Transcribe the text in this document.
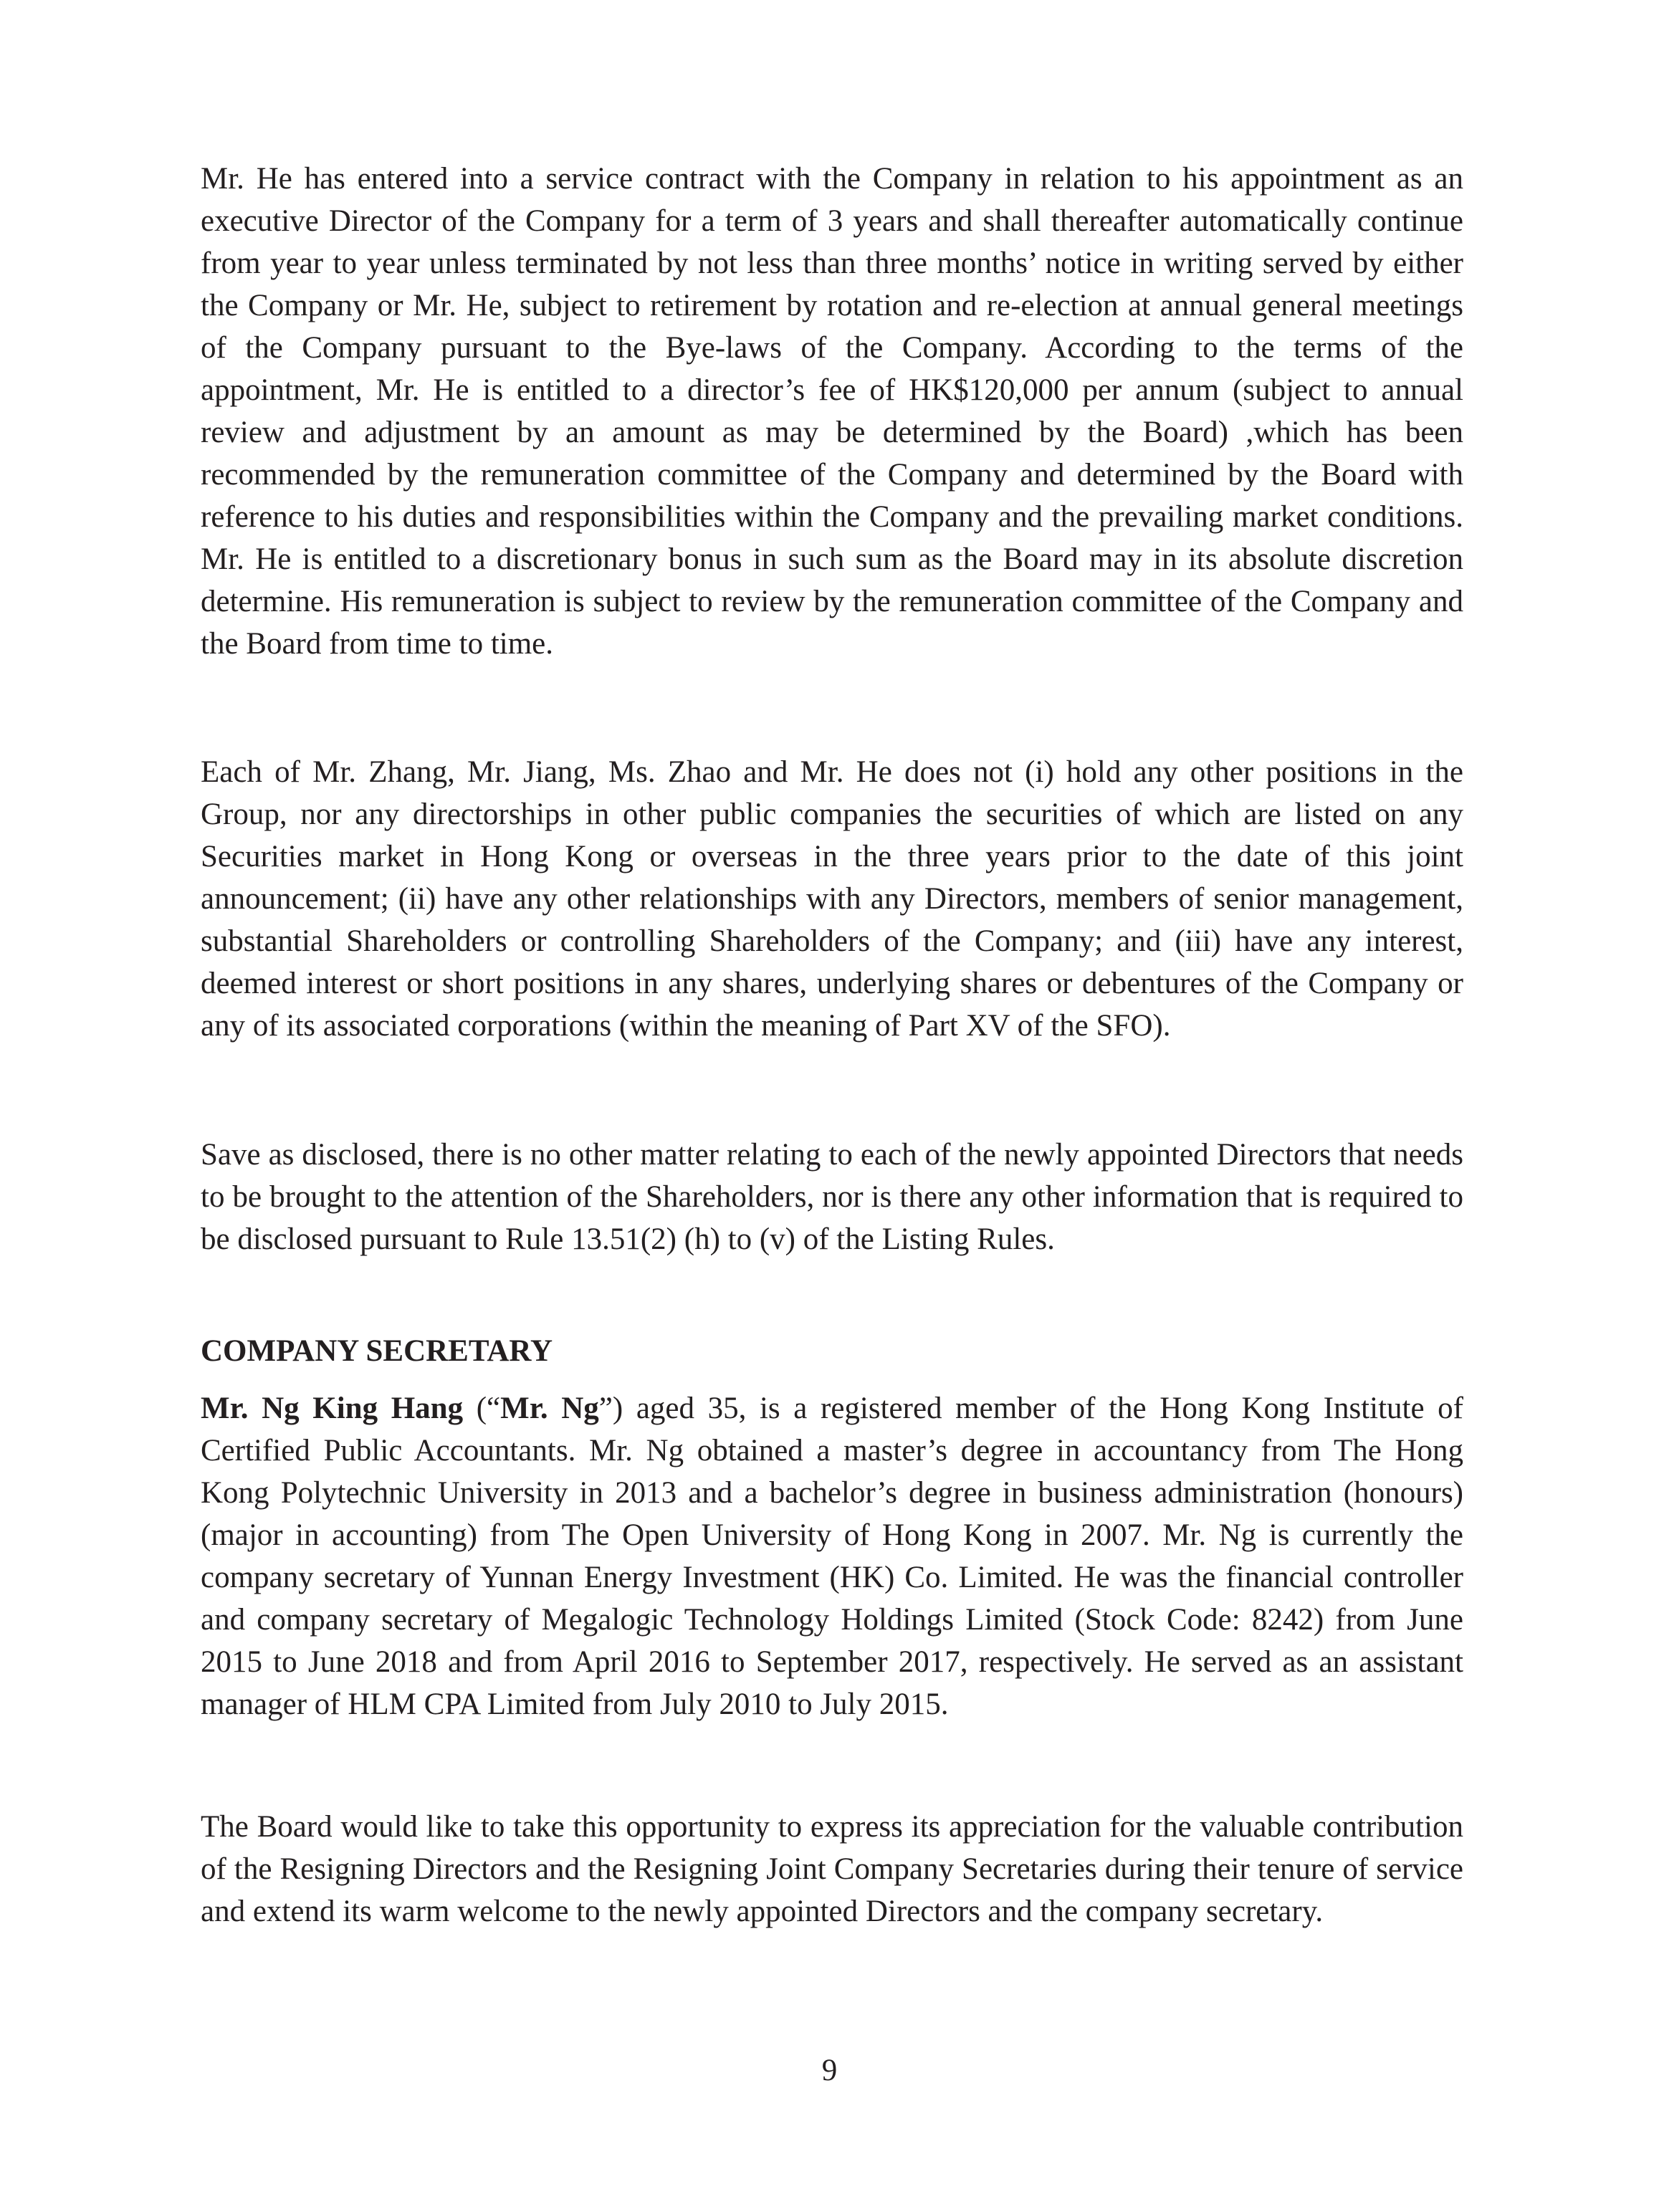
Mr. He has entered into a service contract with the Company in relation to his appointment as an executive Director of the Company for a term of 3 years and shall thereafter automatically continue from year to year unless terminated by not less than three months’ notice in writing served by either the Company or Mr. He, subject to retirement by rotation and re-election at annual general meetings of the Company pursuant to the Bye-laws of the Company. According to the terms of the appointment, Mr. He is entitled to a director’s fee of HK$120,000 per annum (subject to annual review and adjustment by an amount as may be determined by the Board) ,which has been recommended by the remuneration committee of the Company and determined by the Board with reference to his duties and responsibilities within the Company and the prevailing market conditions. Mr. He is entitled to a discretionary bonus in such sum as the Board may in its absolute discretion determine. His remuneration is subject to review by the remuneration committee of the Company and the Board from time to time.

Each of Mr. Zhang, Mr. Jiang, Ms. Zhao and Mr. He does not (i) hold any other positions in the Group, nor any directorships in other public companies the securities of which are listed on any Securities market in Hong Kong or overseas in the three years prior to the date of this joint announcement; (ii) have any other relationships with any Directors, members of senior management, substantial Shareholders or controlling Shareholders of the Company; and (iii) have any interest, deemed interest or short positions in any shares, underlying shares or debentures of the Company or any of its associated corporations (within the meaning of Part XV of the SFO).

Save as disclosed, there is no other matter relating to each of the newly appointed Directors that needs to be brought to the attention of the Shareholders, nor is there any other information that is required to be disclosed pursuant to Rule 13.51(2) (h) to (v) of the Listing Rules.

COMPANY SECRETARY

Mr. Ng King Hang (“Mr. Ng”) aged 35, is a registered member of the Hong Kong Institute of Certified Public Accountants. Mr. Ng obtained a master’s degree in accountancy from The Hong Kong Polytechnic University in 2013 and a bachelor’s degree in business administration (honours) (major in accounting) from The Open University of Hong Kong in 2007. Mr. Ng is currently the company secretary of Yunnan Energy Investment (HK) Co. Limited. He was the financial controller and company secretary of Megalogic Technology Holdings Limited (Stock Code: 8242) from June 2015 to June 2018 and from April 2016 to September 2017, respectively. He served as an assistant manager of HLM CPA Limited from July 2010 to July 2015.

The Board would like to take this opportunity to express its appreciation for the valuable contribution of the Resigning Directors and the Resigning Joint Company Secretaries during their tenure of service and extend its warm welcome to the newly appointed Directors and the company secretary.

9
